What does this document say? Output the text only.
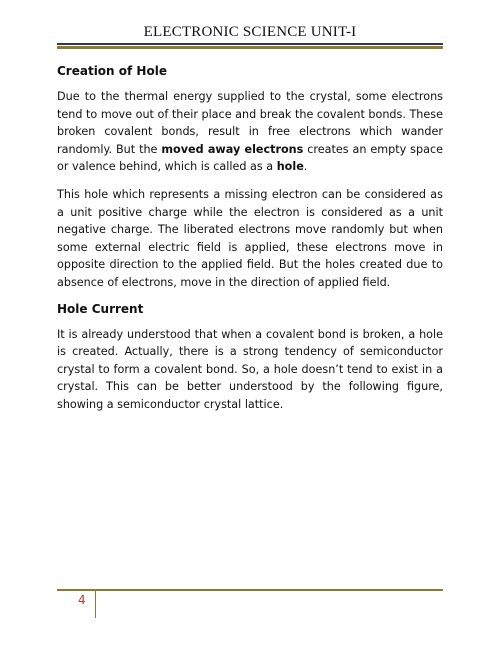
ELECTRONIC SCIENCE UNIT-I
Creation of Hole

Due to the thermal energy supplied to the crystal, some electrons tend to move out of their place and break the covalent bonds. These broken covalent bonds, result in free electrons which wander randomly. But the moved away electrons creates an empty space or valence behind, which is called as a hole.

This hole which represents a missing electron can be considered as a unit positive charge while the electron is considered as a unit negative charge. The liberated electrons move randomly but when some external electric field is applied, these electrons move in opposite direction to the applied field. But the holes created due to absence of electrons, move in the direction of applied field.

Hole Current

It is already understood that when a covalent bond is broken, a hole is created. Actually, there is a strong tendency of semiconductor crystal to form a covalent bond. So, a hole doesn’t tend to exist in a crystal. This can be better understood by the following figure, showing a semiconductor crystal lattice.

4
